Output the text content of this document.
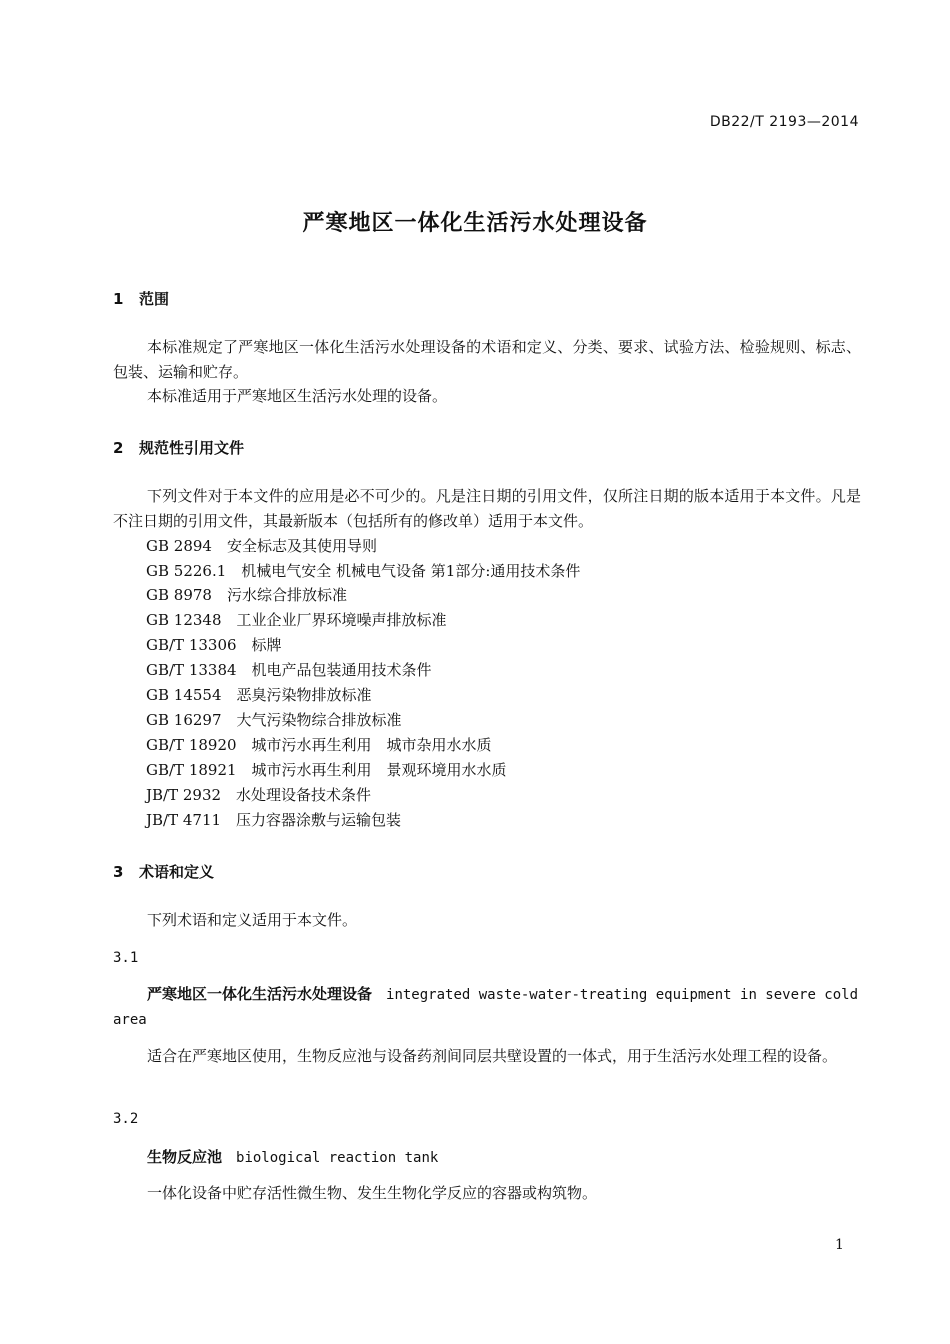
DB22/T 2193—2014
严寒地区一体化生活污水处理设备
1 范围
本标准规定了严寒地区一体化生活污水处理设备的术语和定义、分类、要求、试验方法、检验规则、标志、包装、运输和贮存。
本标准适用于严寒地区生活污水处理的设备。
2 规范性引用文件
下列文件对于本文件的应用是必不可少的。凡是注日期的引用文件，仅所注日期的版本适用于本文件。凡是不注日期的引用文件，其最新版本（包括所有的修改单）适用于本文件。
GB 2894　安全标志及其使用导则
GB 5226.1　机械电气安全 机械电气设备 第1部分:通用技术条件
GB 8978　污水综合排放标准
GB 12348　工业企业厂界环境噪声排放标准
GB/T 13306　标牌
GB/T 13384　机电产品包装通用技术条件
GB 14554　恶臭污染物排放标准
GB 16297　大气污染物综合排放标准
GB/T 18920　城市污水再生利用　城市杂用水水质
GB/T 18921　城市污水再生利用　景观环境用水水质
JB/T 2932　水处理设备技术条件
JB/T 4711　压力容器涂敷与运输包装
3 术语和定义
下列术语和定义适用于本文件。
3.1
严寒地区一体化生活污水处理设备　 integrated waste-water-treating equipment in severe cold area
适合在严寒地区使用，生物反应池与设备药剂间同层共壁设置的一体式，用于生活污水处理工程的设备。
3.2
生物反应池　 biological reaction tank
一体化设备中贮存活性微生物、发生生物化学反应的容器或构筑物。
1
